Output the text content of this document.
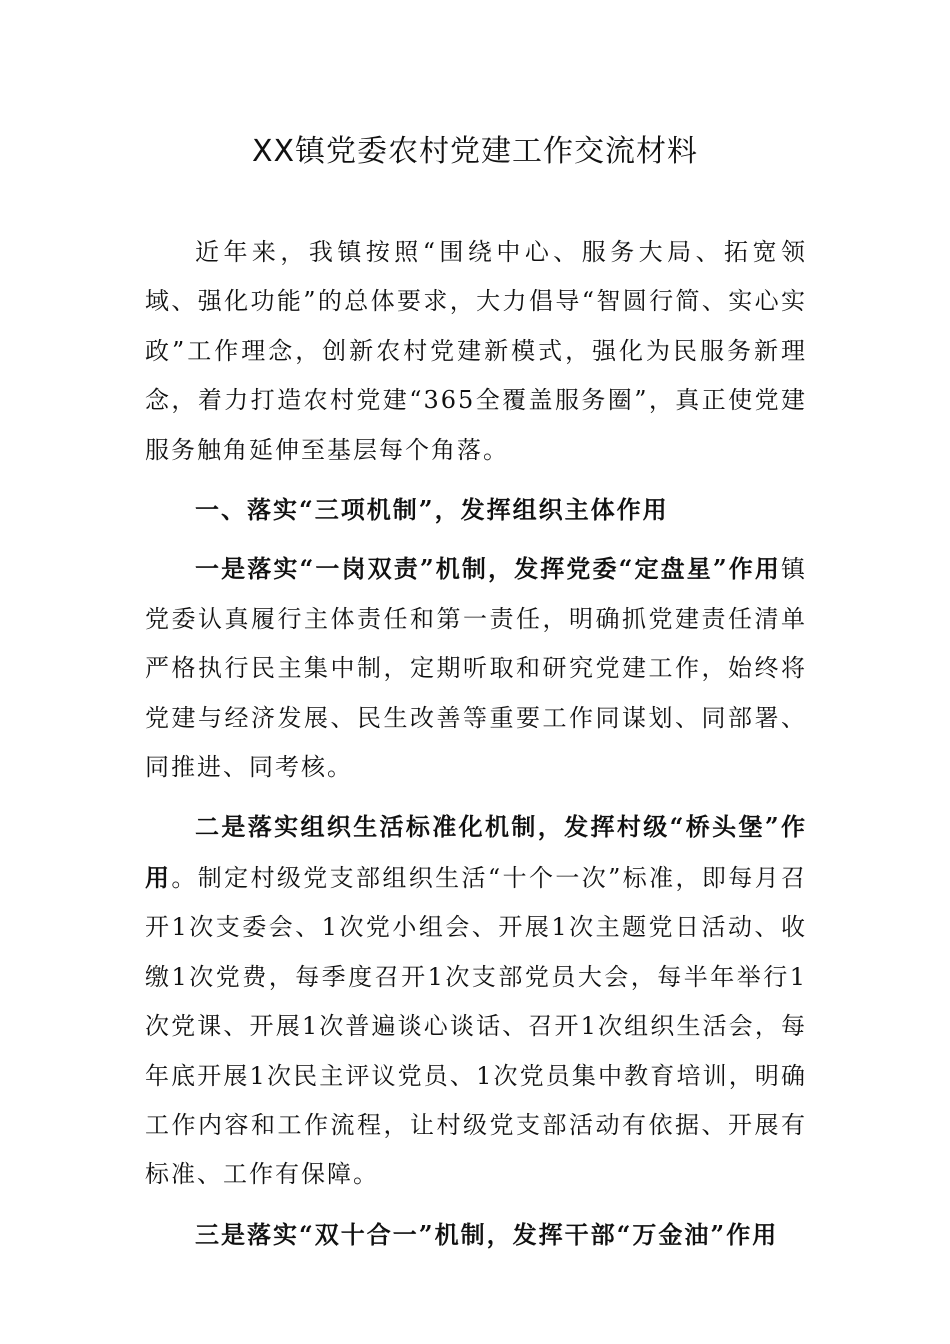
XX镇党委农村党建工作交流材料

近年来，我镇按照“围绕中心、服务大局、拓宽领域、强化功能”的总体要求，大力倡导“智圆行简、实心实政”工作理念，创新农村党建新模式，强化为民服务新理念，着力打造农村党建“365全覆盖服务圈”，真正使党建服务触角延伸至基层每个角落。

一、落实“三项机制”，发挥组织主体作用

一是落实“一岗双责”机制，发挥党委“定盘星”作用镇党委认真履行主体责任和第一责任，明确抓党建责任清单严格执行民主集中制，定期听取和研究党建工作，始终将党建与经济发展、民生改善等重要工作同谋划、同部署、同推进、同考核。

二是落实组织生活标准化机制，发挥村级“桥头堡”作用。制定村级党支部组织生活“十个一次”标准，即每月召开1次支委会、1次党小组会、开展1次主题党日活动、收缴1次党费，每季度召开1次支部党员大会，每半年举行1次党课、开展1次普遍谈心谈话、召开1次组织生活会，每年底开展1次民主评议党员、1次党员集中教育培训，明确工作内容和工作流程，让村级党支部活动有依据、开展有标准、工作有保障。

三是落实“双十合一”机制，发挥干部“万金油”作用
